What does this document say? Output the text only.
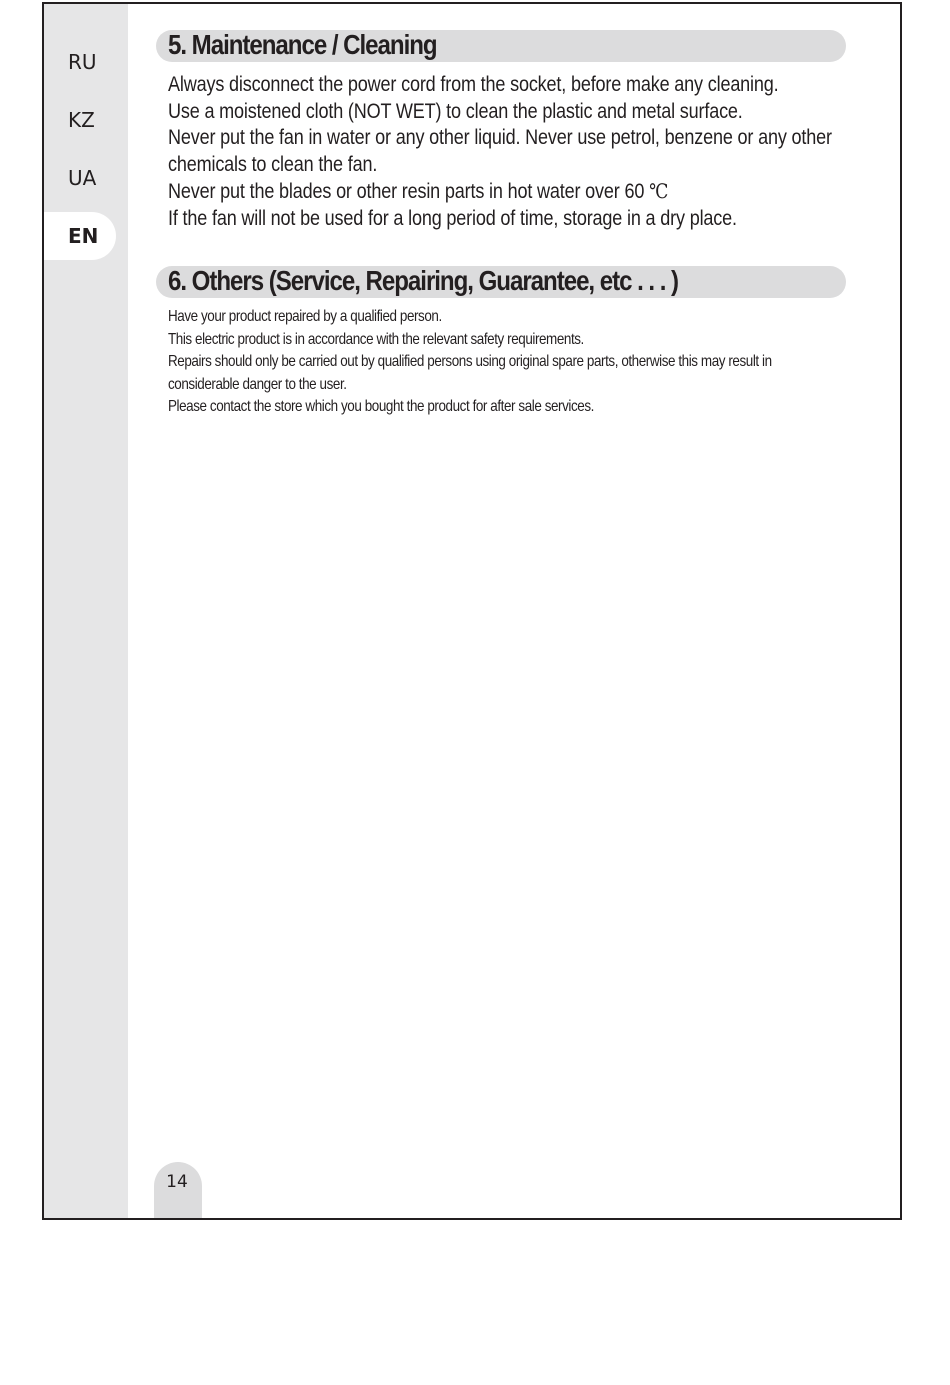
RU
KZ
UA
EN
5. Maintenance / Cleaning
Always disconnect the power cord from the socket, before make any cleaning.
Use a moistened cloth (NOT WET) to clean the plastic and metal surface.
Never put the fan in water or any other liquid. Never use petrol, benzene or any other
chemicals to clean the fan.
Never put the blades or other resin parts in hot water over 60 ℃
If the fan will not be used for a long period of time, storage in a dry place.
6. Others (Service, Repairing, Guarantee, etc . . . )
Have your product repaired by a qualified person.
This electric product is in accordance with the relevant safety requirements.
Repairs should only be carried out by qualified persons using original spare parts, otherwise this may result in
considerable danger to the user.
Please contact the store which you bought the product for after sale services.
14
